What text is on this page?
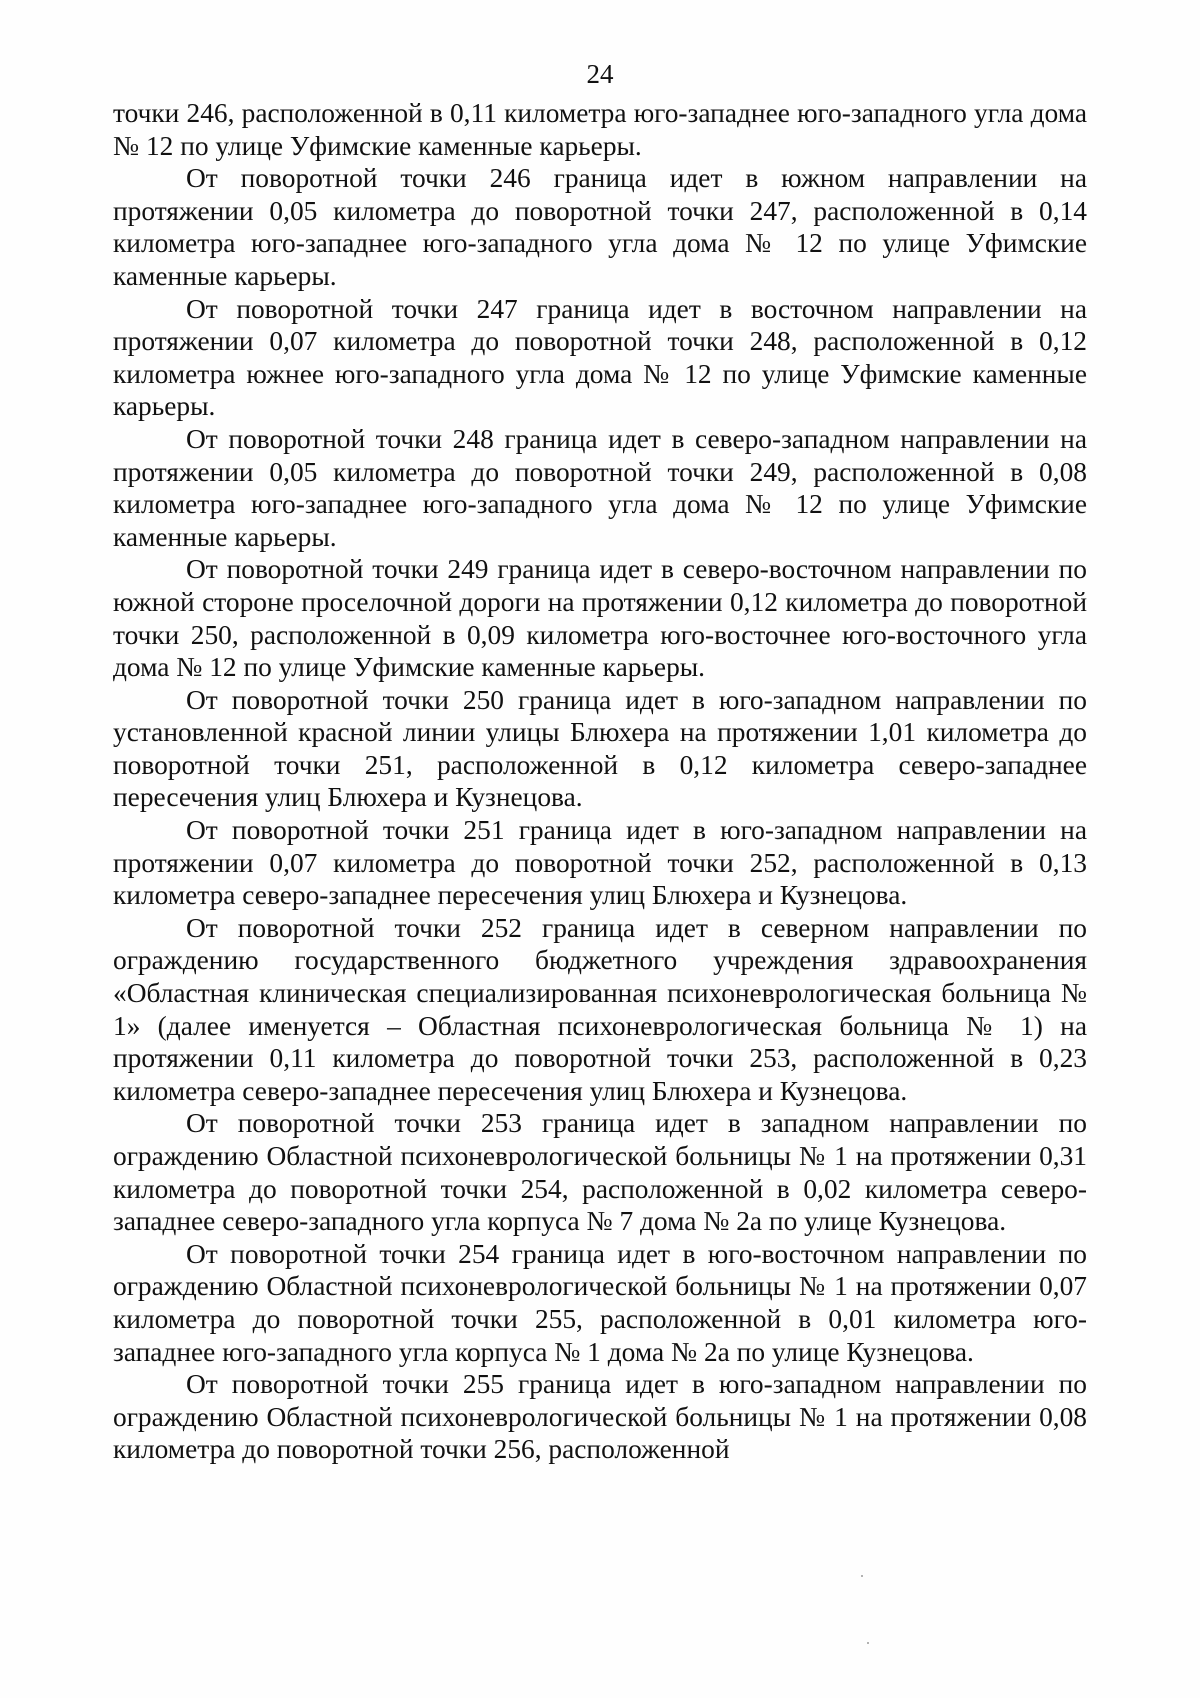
24

точки 246, расположенной в 0,11 километра юго-западнее юго-западного угла дома № 12 по улице Уфимские каменные карьеры.

От поворотной точки 246 граница идет в южном направлении на протяжении 0,05 километра до поворотной точки 247, расположенной в 0,14 километра юго-западнее юго-западного угла дома № 12 по улице Уфимские каменные карьеры.

От поворотной точки 247 граница идет в восточном направлении на протяжении 0,07 километра до поворотной точки 248, расположенной в 0,12 километра южнее юго-западного угла дома № 12 по улице Уфимские каменные карьеры.

От поворотной точки 248 граница идет в северо-западном направлении на протяжении 0,05 километра до поворотной точки 249, расположенной в 0,08 километра юго-западнее юго-западного угла дома № 12 по улице Уфимские каменные карьеры.

От поворотной точки 249 граница идет в северо-восточном направлении по южной стороне проселочной дороги на протяжении 0,12 километра до поворотной точки 250, расположенной в 0,09 километра юго-восточнее юго-восточного угла дома № 12 по улице Уфимские каменные карьеры.

От поворотной точки 250 граница идет в юго-западном направлении по установленной красной линии улицы Блюхера на протяжении 1,01 километра до поворотной точки 251, расположенной в 0,12 километра северо-западнее пересечения улиц Блюхера и Кузнецова.

От поворотной точки 251 граница идет в юго-западном направлении на протяжении 0,07 километра до поворотной точки 252, расположенной в 0,13 километра северо-западнее пересечения улиц Блюхера и Кузнецова.

От поворотной точки 252 граница идет в северном направлении по ограждению государственного бюджетного учреждения здравоохранения «Областная клиническая специализированная психоневрологическая больница № 1» (далее именуется – Областная психоневрологическая больница № 1) на протяжении 0,11 километра до поворотной точки 253, расположенной в 0,23 километра северо-западнее пересечения улиц Блюхера и Кузнецова.

От поворотной точки 253 граница идет в западном направлении по ограждению Областной психоневрологической больницы № 1 на протяжении 0,31 километра до поворотной точки 254, расположенной в 0,02 километра северо-западнее северо-западного угла корпуса № 7 дома № 2а по улице Кузнецова.

От поворотной точки 254 граница идет в юго-восточном направлении по ограждению Областной психоневрологической больницы № 1 на протяжении 0,07 километра до поворотной точки 255, расположенной в 0,01 километра юго-западнее юго-западного угла корпуса № 1 дома № 2а по улице Кузнецова.

От поворотной точки 255 граница идет в юго-западном направлении по ограждению Областной психоневрологической больницы № 1 на протяжении 0,08 километра до поворотной точки 256, расположенной
